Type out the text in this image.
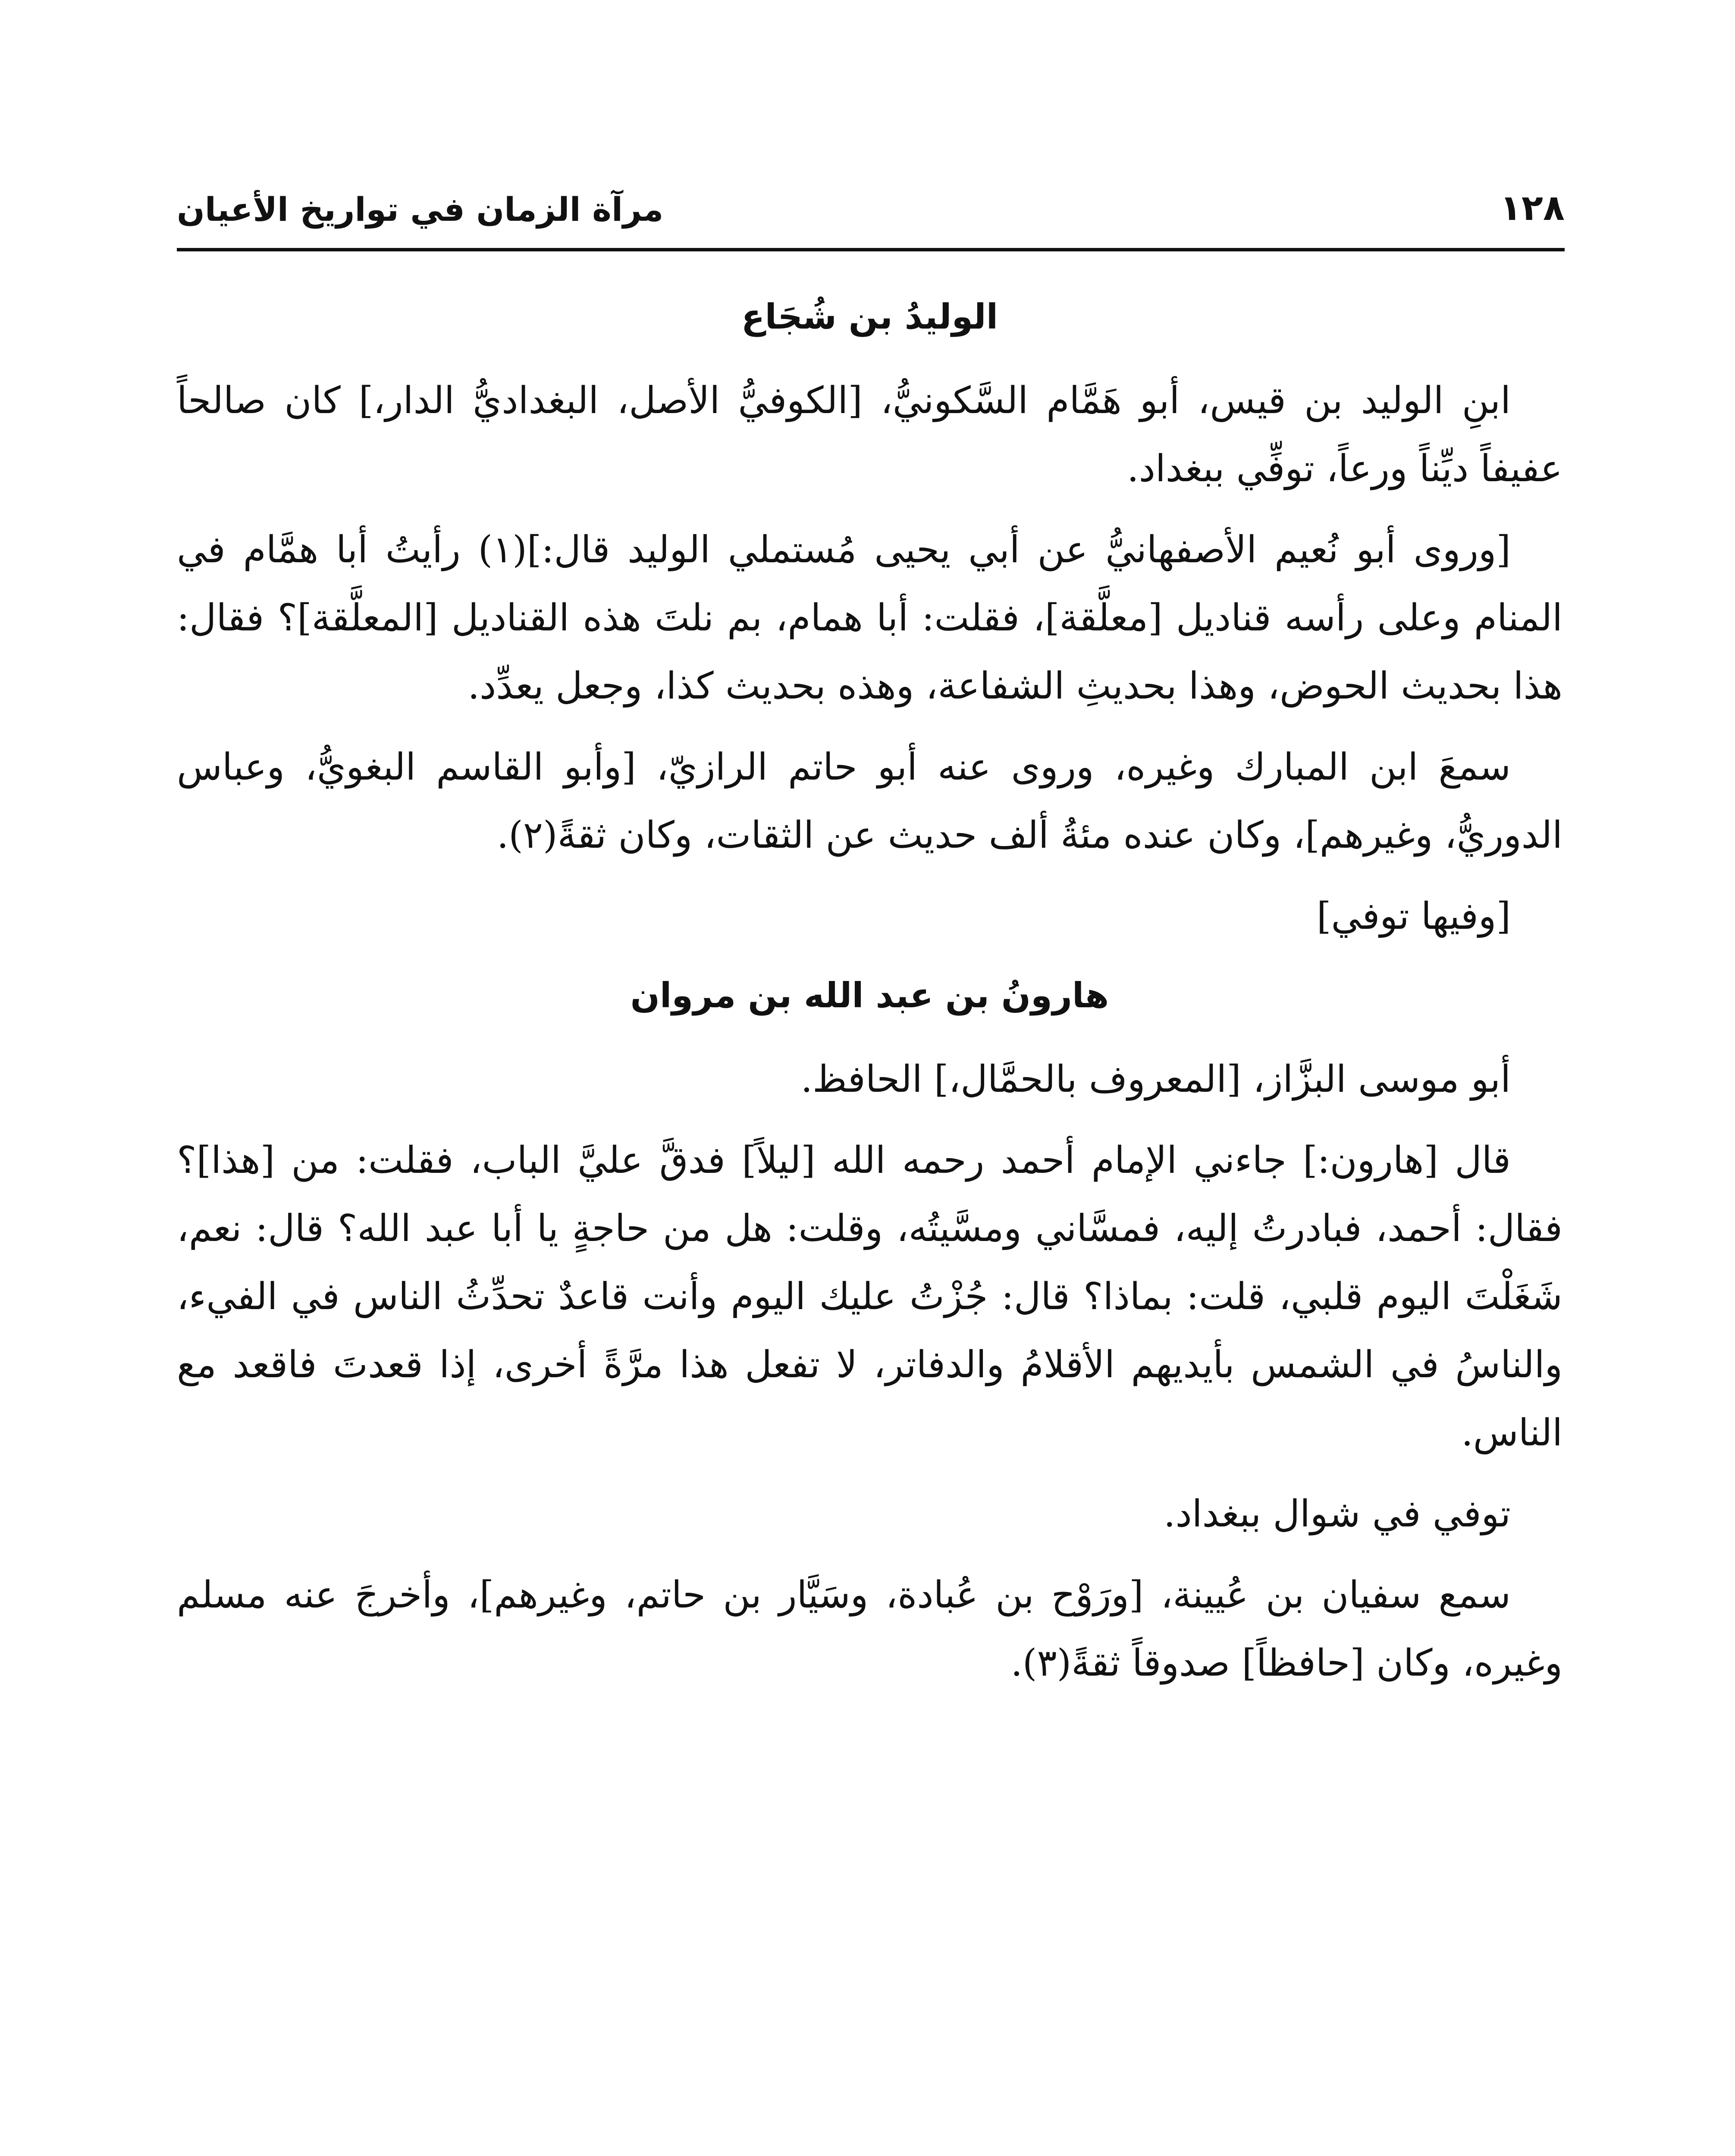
١٢٨
مرآة الزمان في تواريخ الأعيان
الوليدُ بن شُجَاع

ابنِ الوليد بن قيس، أبو هَمَّام السَّكونيُّ، [الكوفيُّ الأصل، البغداديُّ الدار،] كان صالحاً عفيفاً ديِّناً ورعاً، توفِّي ببغداد.

[وروى أبو نُعيم الأصفهانيُّ عن أبي يحيى مُستملي الوليد قال:](١) رأيتُ أبا همَّام في المنام وعلى رأسه قناديل [معلَّقة]، فقلت: أبا همام، بم نلتَ هذه القناديل [المعلَّقة]؟ فقال: هذا بحديث الحوض، وهذا بحديثِ الشفاعة، وهذه بحديث كذا، وجعل يعدِّد.

سمعَ ابن المبارك وغيره، وروى عنه أبو حاتم الرازيّ، [وأبو القاسم البغويُّ، وعباس الدوريُّ، وغيرهم]، وكان عنده مئةُ ألف حديث عن الثقات، وكان ثقةً(٢).

[وفيها توفي]

هارونُ بن عبد الله بن مروان

أبو موسى البزَّاز، [المعروف بالحمَّال،] الحافظ.

قال [هارون:] جاءني الإمام أحمد رحمه الله [ليلاً] فدقَّ عليَّ الباب، فقلت: من [هذا]؟ فقال: أحمد، فبادرتُ إليه، فمسَّاني ومسَّيتُه، وقلت: هل من حاجةٍ يا أبا عبد الله؟ قال: نعم، شَغَلْتَ اليوم قلبي، قلت: بماذا؟ قال: جُزْتُ عليك اليوم وأنت قاعدٌ تحدِّثُ الناس في الفيء، والناسُ في الشمس بأيديهم الأقلامُ والدفاتر، لا تفعل هذا مرَّةً أخرى، إذا قعدتَ فاقعد مع الناس.

توفي في شوال ببغداد.

سمع سفيان بن عُيينة، [ورَوْح بن عُبادة، وسَيَّار بن حاتم، وغيرهم]، وأخرجَ عنه مسلم وغيره، وكان [حافظاً] صدوقاً ثقةً(٣).
